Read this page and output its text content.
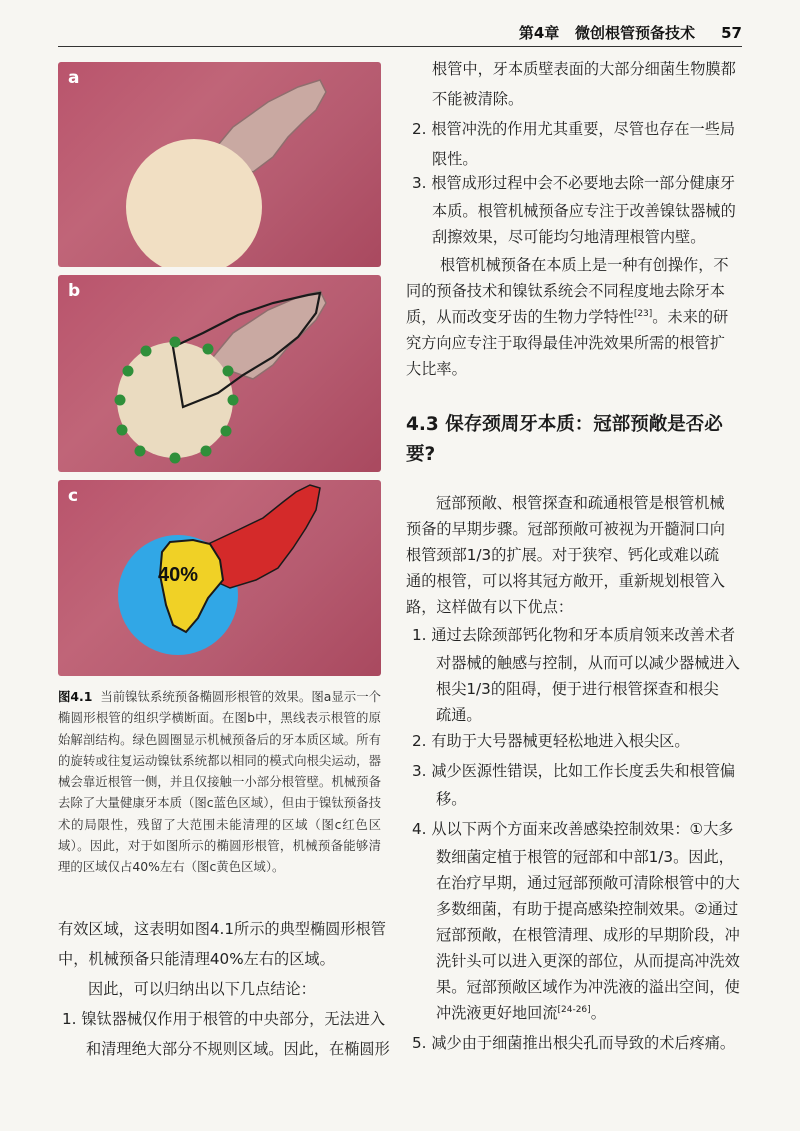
第4章 微创根管预备技术 57
a
b
40%
c
图4.1 当前镍钛系统预备椭圆形根管的效果。图a显示一个椭圆形根管的组织学横断面。在图b中，黑线表示根管的原始解剖结构。绿色圆圈显示机械预备后的牙本质区域。所有的旋转或往复运动镍钛系统都以相同的模式向根尖运动，器械会靠近根管一侧，并且仅接触一小部分根管壁。机械预备去除了大量健康牙本质（图c蓝色区域），但由于镍钛预备技术的局限性，残留了大范围未能清理的区域（图c红色区域）。因此，对于如图所示的椭圆形根管，机械预备能够清理的区域仅占40%左右（图c黄色区域）。
有效区域，这表明如图4.1所示的典型椭圆形根管
中，机械预备只能清理40%左右的区域。
因此，可以归纳出以下几点结论：
1. 镍钛器械仅作用于根管的中央部分，无法进入
和清理绝大部分不规则区域。因此，在椭圆形
根管中，牙本质壁表面的大部分细菌生物膜都
不能被清除。
2. 根管冲洗的作用尤其重要，尽管也存在一些局
限性。
3. 根管成形过程中会不必要地去除一部分健康牙
本质。根管机械预备应专注于改善镍钛器械的
刮擦效果，尽可能均匀地清理根管内壁。
根管机械预备在本质上是一种有创操作，不
同的预备技术和镍钛系统会不同程度地去除牙本
质，从而改变牙齿的生物力学特性[23]。未来的研
究方向应专注于取得最佳冲洗效果所需的根管扩
大比率。
4.3 保存颈周牙本质：冠部预敞是否必要?
冠部预敞、根管探查和疏通根管是根管机械
预备的早期步骤。冠部预敞可被视为开髓洞口向
根管颈部1/3的扩展。对于狭窄、钙化或难以疏
通的根管，可以将其冠方敞开，重新规划根管入
路，这样做有以下优点：
1. 通过去除颈部钙化物和牙本质肩领来改善术者
对器械的触感与控制，从而可以减少器械进入
根尖1/3的阻碍，便于进行根管探查和根尖
疏通。
2. 有助于大号器械更轻松地进入根尖区。
3. 减少医源性错误，比如工作长度丢失和根管偏
移。
4. 从以下两个方面来改善感染控制效果：①大多
数细菌定植于根管的冠部和中部1/3。因此，
在治疗早期，通过冠部预敞可清除根管中的大
多数细菌，有助于提高感染控制效果。②通过
冠部预敞，在根管清理、成形的早期阶段，冲
洗针头可以进入更深的部位，从而提高冲洗效
果。冠部预敞区域作为冲洗液的溢出空间，使
冲洗液更好地回流[24-26]。
5. 减少由于细菌推出根尖孔而导致的术后疼痛。
